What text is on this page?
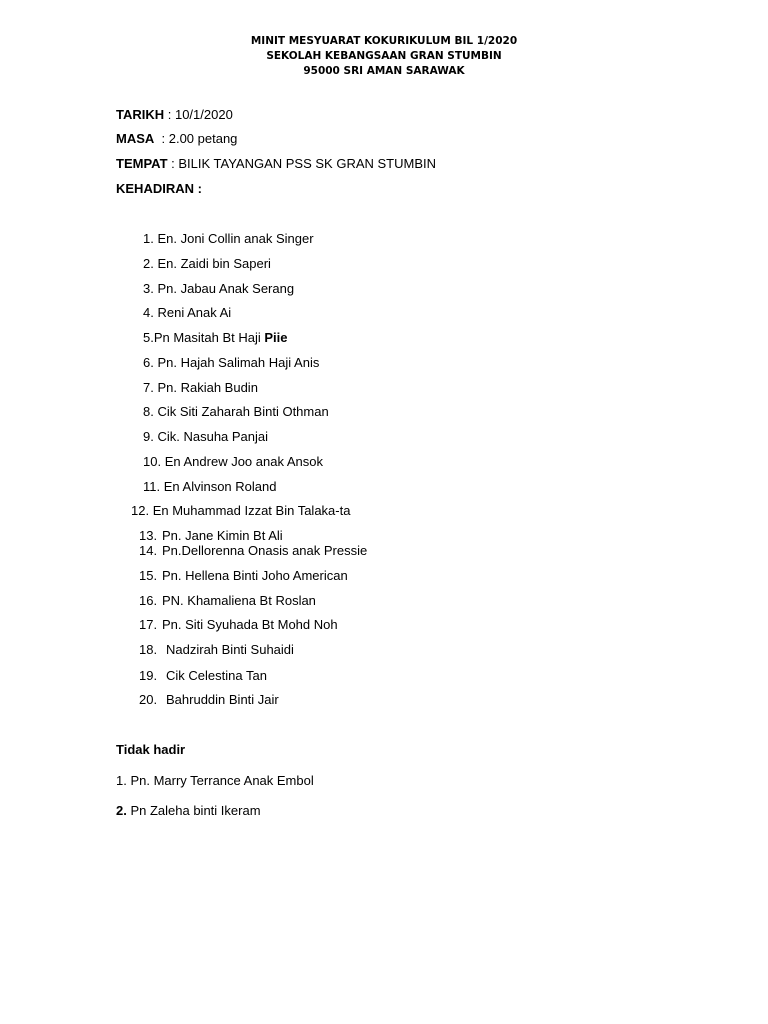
MINIT MESYUARAT KOKURIKULUM BIL 1/2020
SEKOLAH KEBANGSAAN GRAN STUMBIN
95000 SRI AMAN SARAWAK
TARIKH : 10/1/2020
MASA  : 2.00 petang
TEMPAT : BILIK TAYANGAN PSS SK GRAN STUMBIN
KEHADIRAN :
1. En. Joni Collin anak Singer
2. En. Zaidi bin Saperi
3. Pn. Jabau Anak Serang
4. Reni Anak Ai
5.Pn Masitah Bt Haji Piie
6. Pn. Hajah Salimah Haji Anis
7. Pn. Rakiah Budin
8. Cik Siti Zaharah Binti Othman
9. Cik. Nasuha Panjai
10. En Andrew Joo anak Ansok
11. En Alvinson Roland
12. En Muhammad Izzat Bin Talaka-ta
13. Pn. Jane Kimin Bt Ali
14. Pn.Dellorenna Onasis anak Pressie
15. Pn. Hellena Binti Joho American
16. PN. Khamaliena Bt Roslan
17. Pn. Siti Syuhada Bt Mohd Noh
18. Nadzirah Binti Suhaidi
19. Cik Celestina Tan
20. Bahruddin Binti Jair
Tidak hadir
1. Pn. Marry Terrance Anak Embol
2. Pn Zaleha binti Ikeram
